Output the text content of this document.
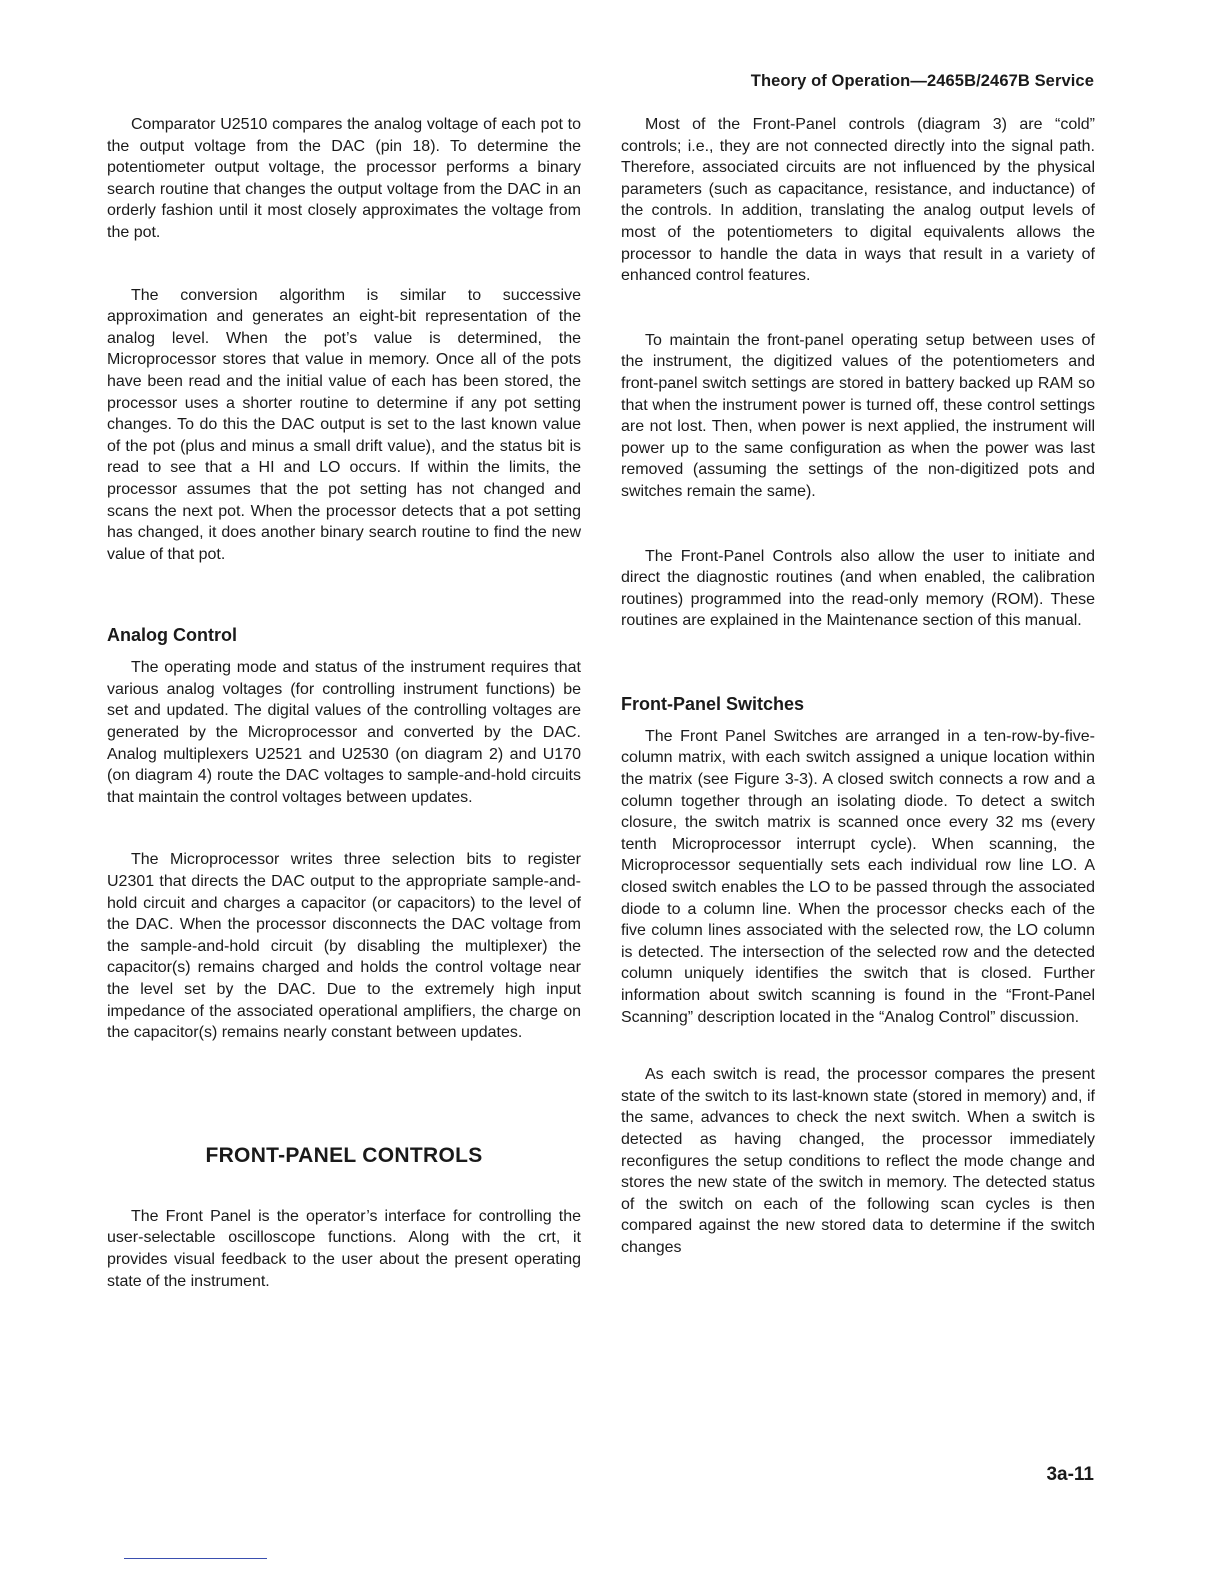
Theory of Operation—2465B/2467B Service

Comparator U2510 compares the analog voltage of each pot to the output voltage from the DAC (pin 18). To determine the potentiometer output voltage, the processor performs a binary search routine that changes the output voltage from the DAC in an orderly fashion until it most closely approximates the voltage from the pot.

The conversion algorithm is similar to successive approximation and generates an eight-bit representation of the analog level. When the pot’s value is determined, the Microprocessor stores that value in memory. Once all of the pots have been read and the initial value of each has been stored, the processor uses a shorter routine to determine if any pot setting changes. To do this the DAC output is set to the last known value of the pot (plus and minus a small drift value), and the status bit is read to see that a HI and LO occurs. If within the limits, the processor assumes that the pot setting has not changed and scans the next pot. When the processor detects that a pot setting has changed, it does another binary search routine to find the new value of that pot.

Analog Control

The operating mode and status of the instrument requires that various analog voltages (for controlling instrument functions) be set and updated. The digital values of the controlling voltages are generated by the Microprocessor and converted by the DAC. Analog multiplexers U2521 and U2530 (on diagram 2) and U170 (on diagram 4) route the DAC voltages to sample-and-hold circuits that maintain the control voltages between updates.

The Microprocessor writes three selection bits to register U2301 that directs the DAC output to the appropriate sample-and-hold circuit and charges a capacitor (or capacitors) to the level of the DAC. When the processor disconnects the DAC voltage from the sample-and-hold circuit (by disabling the multiplexer) the capacitor(s) remains charged and holds the control voltage near the level set by the DAC. Due to the extremely high input impedance of the associated operational amplifiers, the charge on the capacitor(s) remains nearly constant between updates.

FRONT-PANEL CONTROLS

The Front Panel is the operator’s interface for controlling the user-selectable oscilloscope functions. Along with the crt, it provides visual feedback to the user about the present operating state of the instrument.

Most of the Front-Panel controls (diagram 3) are “cold” controls; i.e., they are not connected directly into the signal path. Therefore, associated circuits are not influenced by the physical parameters (such as capacitance, resistance, and inductance) of the controls. In addition, translating the analog output levels of most of the potentiometers to digital equivalents allows the processor to handle the data in ways that result in a variety of enhanced control features.

To maintain the front-panel operating setup between uses of the instrument, the digitized values of the potentiometers and front-panel switch settings are stored in battery backed up RAM so that when the instrument power is turned off, these control settings are not lost. Then, when power is next applied, the instrument will power up to the same configuration as when the power was last removed (assuming the settings of the non-digitized pots and switches remain the same).

The Front-Panel Controls also allow the user to initiate and direct the diagnostic routines (and when enabled, the calibration routines) programmed into the read-only memory (ROM). These routines are explained in the Maintenance section of this manual.

Front-Panel Switches

The Front Panel Switches are arranged in a ten-row-by-five-column matrix, with each switch assigned a unique location within the matrix (see Figure 3-3). A closed switch connects a row and a column together through an isolating diode. To detect a switch closure, the switch matrix is scanned once every 32 ms (every tenth Microprocessor interrupt cycle). When scanning, the Microprocessor sequentially sets each individual row line LO. A closed switch enables the LO to be passed through the associated diode to a column line. When the processor checks each of the five column lines associated with the selected row, the LO column is detected. The intersection of the selected row and the detected column uniquely identifies the switch that is closed. Further information about switch scanning is found in the “Front-Panel Scanning” description located in the “Analog Control” discussion.

As each switch is read, the processor compares the present state of the switch to its last-known state (stored in memory) and, if the same, advances to check the next switch. When a switch is detected as having changed, the processor immediately reconfigures the setup conditions to reflect the mode change and stores the new state of the switch in memory. The detected status of the switch on each of the following scan cycles is then compared against the new stored data to determine if the switch changes

3a-11
